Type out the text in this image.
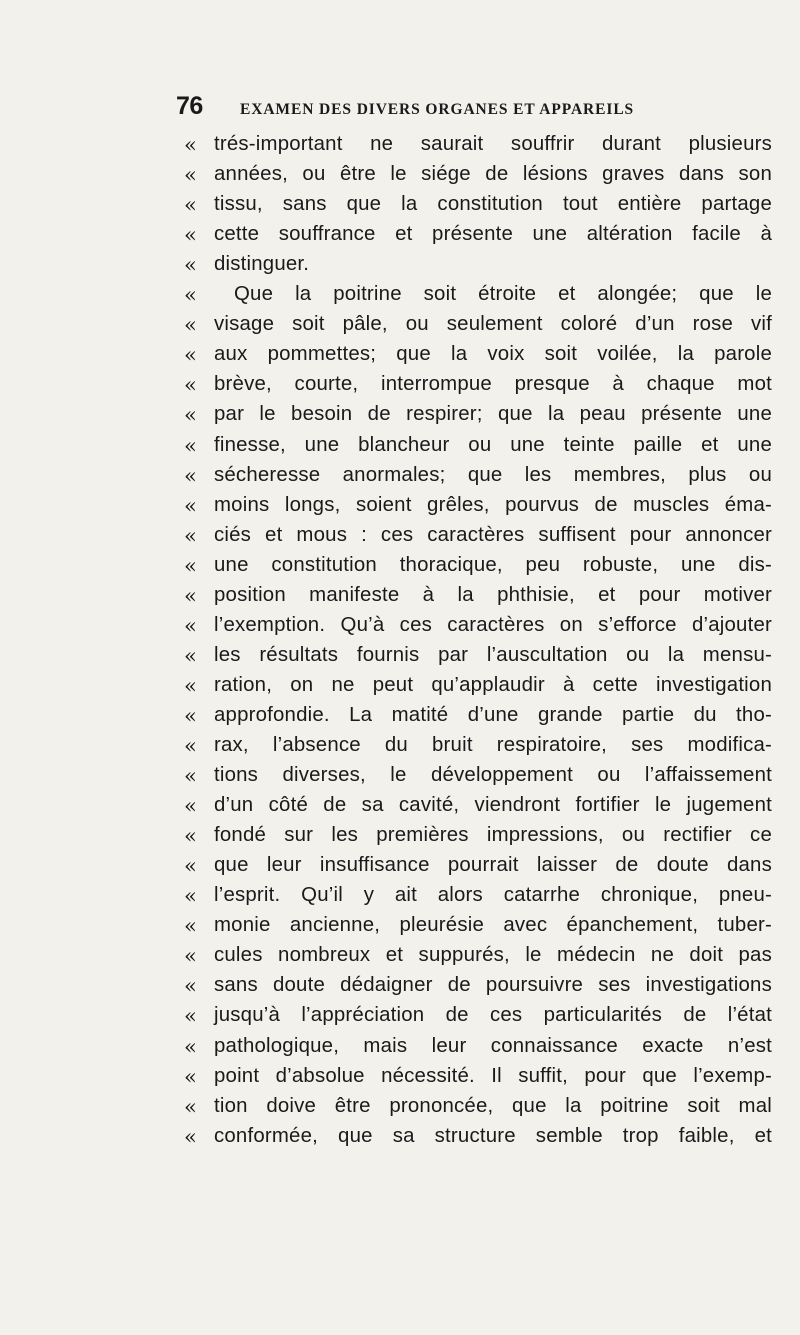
76	EXAMEN DES DIVERS ORGANES ET APPAREILS
« trés-important ne saurait souffrir durant plusieurs
« années, ou être le siége de lésions graves dans son
« tissu, sans que la constitution tout entière partage
« cette souffrance et présente une altération facile à
« distinguer.
« Que la poitrine soit étroite et alongée; que le
« visage soit pâle, ou seulement coloré d’un rose vif
« aux pommettes; que la voix soit voilée, la parole
« brève, courte, interrompue presque à chaque mot
« par le besoin de respirer; que la peau présente une
« finesse, une blancheur ou une teinte paille et une
« sécheresse anormales; que les membres, plus ou
« moins longs, soient grêles, pourvus de muscles éma-
« ciés et mous : ces caractères suffisent pour annoncer
« une constitution thoracique, peu robuste, une dis-
« position manifeste à la phthisie, et pour motiver
« l’exemption. Qu’à ces caractères on s’efforce d’ajouter
« les résultats fournis par l’auscultation ou la mensu-
« ration, on ne peut qu’applaudir à cette investigation
« approfondie. La matité d’une grande partie du tho-
« rax, l’absence du bruit respiratoire, ses modifica-
« tions diverses, le développement ou l’affaissement
« d’un côté de sa cavité, viendront fortifier le jugement
« fondé sur les premières impressions, ou rectifier ce
« que leur insuffisance pourrait laisser de doute dans
« l’esprit. Qu’il y ait alors catarrhe chronique, pneu-
« monie ancienne, pleurésie avec épanchement, tuber-
« cules nombreux et suppurés, le médecin ne doit pas
« sans doute dédaigner de poursuivre ses investigations
« jusqu’à l’appréciation de ces particularités de l’état
« pathologique, mais leur connaissance exacte n’est
« point d’absolue nécessité. Il suffit, pour que l’exemp-
« tion doive être prononcée, que la poitrine soit mal
« conformée, que sa structure semble trop faible, et
